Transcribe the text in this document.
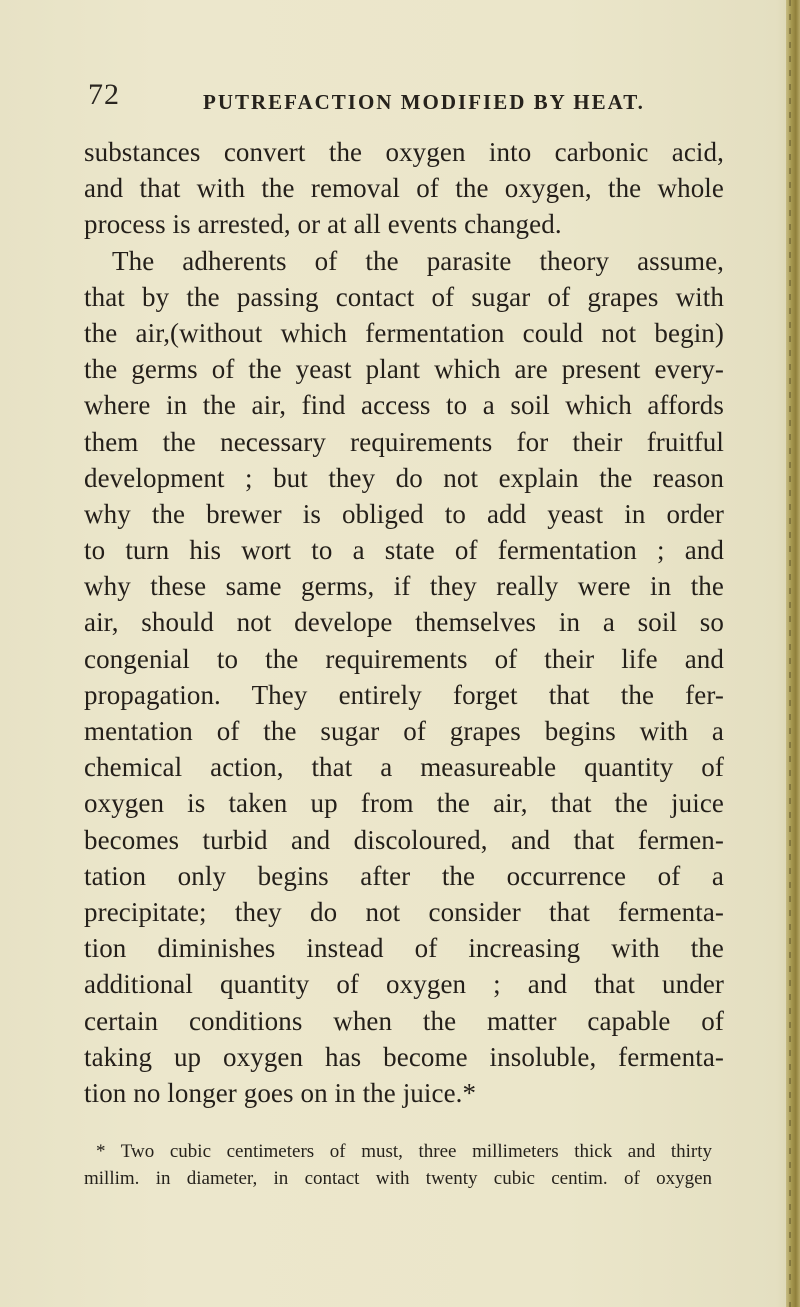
72	PUTREFACTION MODIFIED BY HEAT.
substances convert the oxygen into carbonic acid,
and that with the removal of the oxygen, the whole
process is arrested, or at all events changed.
The adherents of the parasite theory assume,
that by the passing contact of sugar of grapes with
the air,(without which fermentation could not begin)
the germs of the yeast plant which are present every-
where in the air, find access to a soil which affords
them the necessary requirements for their fruitful
development ; but they do not explain the reason
why the brewer is obliged to add yeast in order
to turn his wort to a state of fermentation ; and
why these same germs, if they really were in the
air, should not develope themselves in a soil so
congenial to the requirements of their life and
propagation. They entirely forget that the fer-
mentation of the sugar of grapes begins with a
chemical action, that a measureable quantity of
oxygen is taken up from the air, that the juice
becomes turbid and discoloured, and that fermen-
tation only begins after the occurrence of a
precipitate; they do not consider that fermenta-
tion diminishes instead of increasing with the
additional quantity of oxygen ; and that under
certain conditions when the matter capable of
taking up oxygen has become insoluble, fermenta-
tion no longer goes on in the juice.*
* Two cubic centimeters of must, three millimeters thick and thirty
millim. in diameter, in contact with twenty cubic centim. of oxygen
